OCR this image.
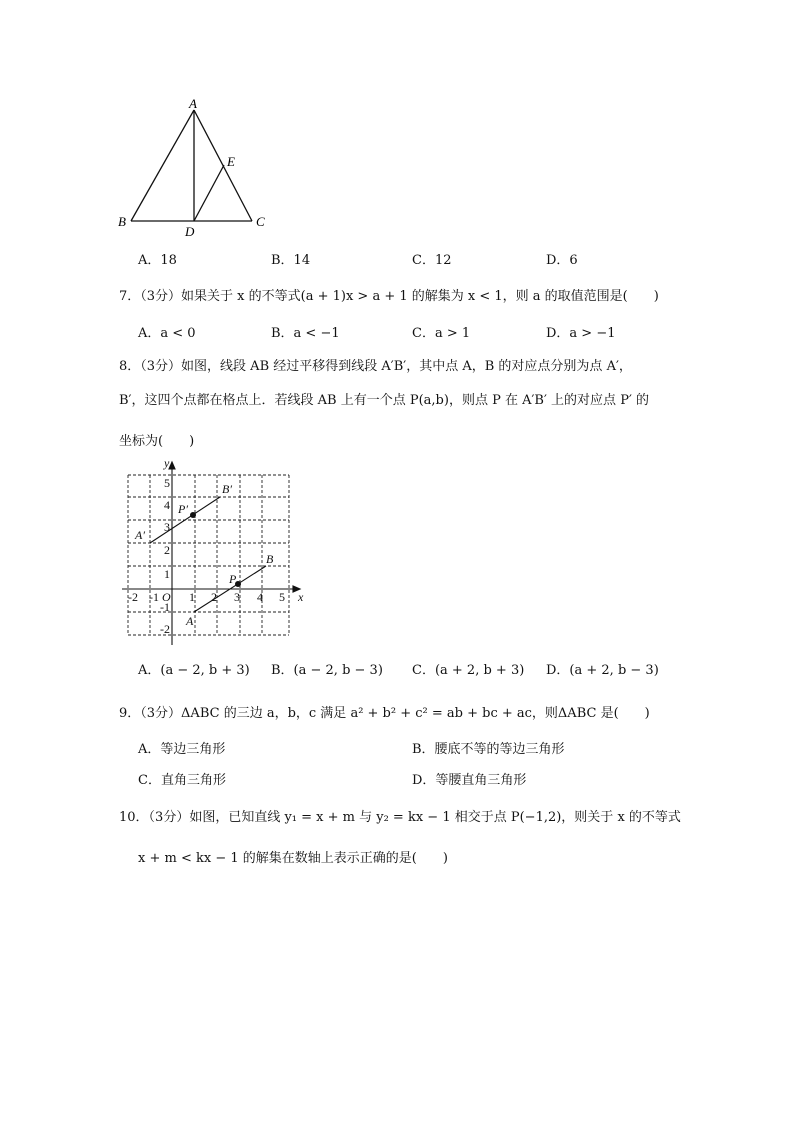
A
E
B	C
D
A．18	B．14	C．12	D．6
7．（3分）如果关于 x 的不等式(a + 1)x > a + 1 的解集为 x < 1，则 a 的取值范围是(　　)
A．a < 0	B．a < −1	C．a > 1	D．a > −1
8．（3分）如图，线段 AB 经过平移得到线段 A′B′，其中点 A，B 的对应点分别为点 A′，
B′，这四个点都在格点上．若线段 AB 上有一个点 P(a,b)，则点 P 在 A′B′ 上的对应点 P′ 的
坐标为(　　)
-2 -1 O 1 2 3 4 5
5
4
3
2
1
-1
-2
x
y
B′
P′
A′
B
P
A
A．(a − 2, b + 3) B．(a − 2, b − 3) C．(a + 2, b + 3) D．(a + 2, b − 3)
9．（3分）ΔABC 的三边 a，b，c 满足 a² + b² + c² = ab + bc + ac，则ΔABC 是(　　)
A．等边三角形	B．腰底不等的等边三角形
C．直角三角形	D．等腰直角三角形
10．（3分）如图，已知直线 y₁ = x + m 与 y₂ = kx − 1 相交于点 P(−1,2)，则关于 x 的不等式
x + m < kx − 1 的解集在数轴上表示正确的是(　　)
